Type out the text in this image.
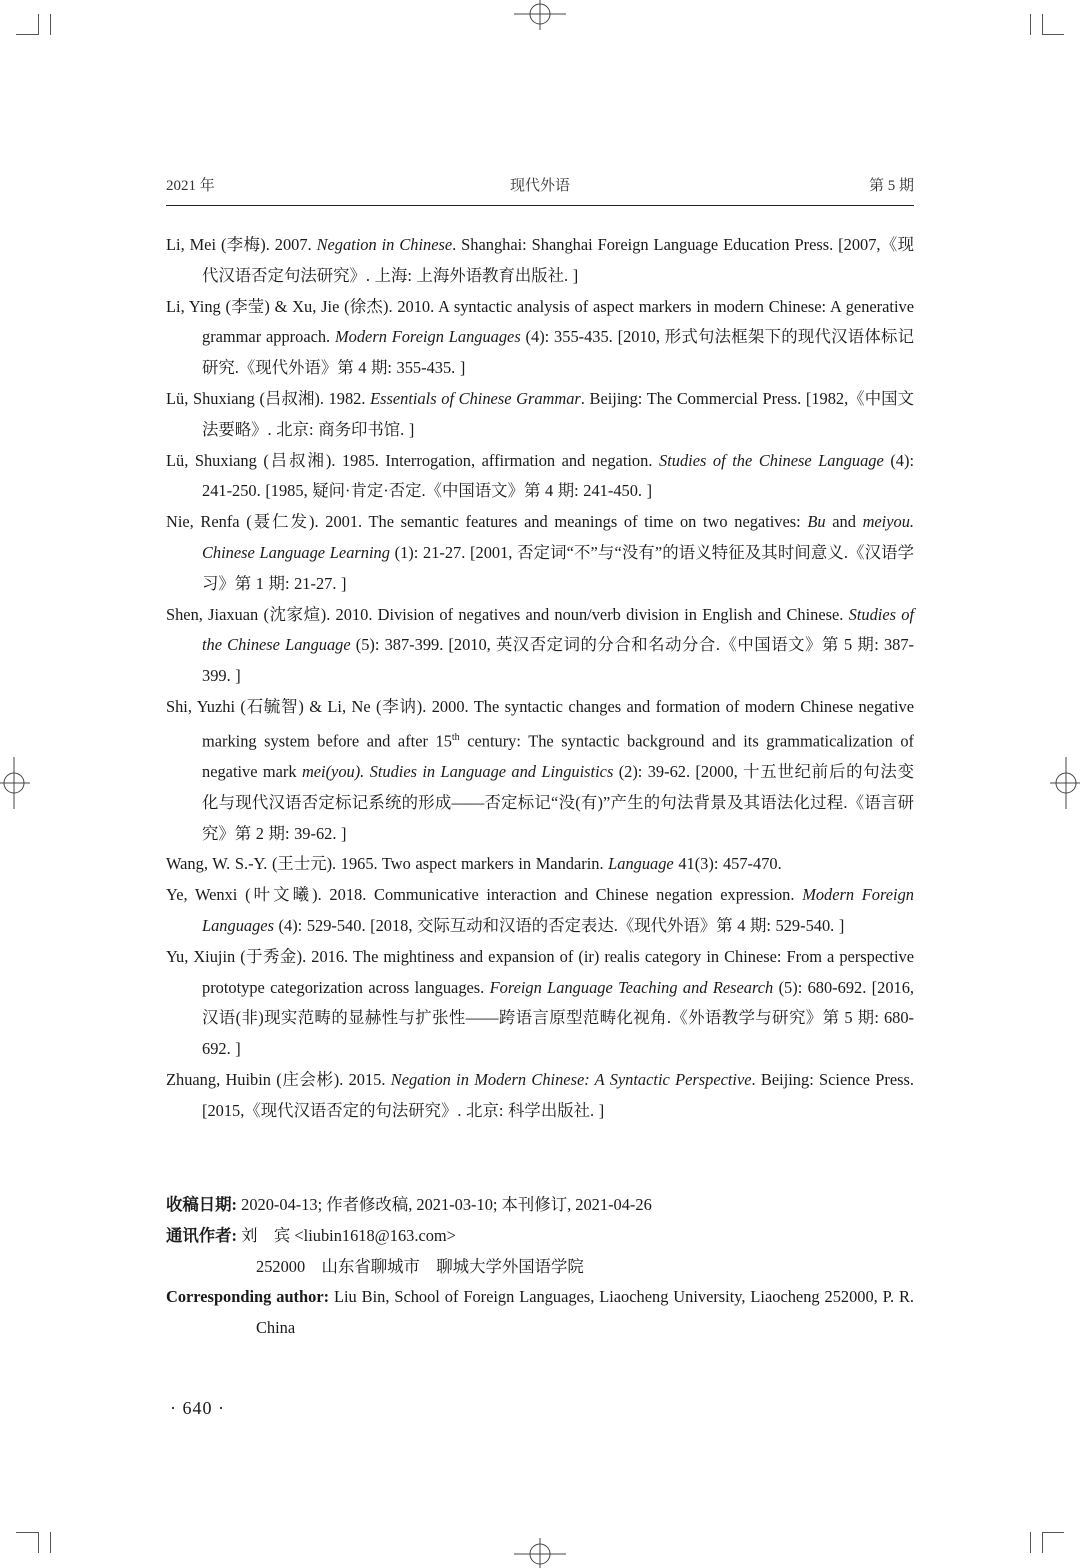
2021 年	现代外语	第 5 期
Li, Mei (李梅). 2007. Negation in Chinese. Shanghai: Shanghai Foreign Language Education Press. [2007,《现代汉语否定句法研究》. 上海: 上海外语教育出版社. ]
Li, Ying (李莹) & Xu, Jie (徐杰). 2010. A syntactic analysis of aspect markers in modern Chinese: A generative grammar approach. Modern Foreign Languages (4): 355-435. [2010, 形式句法框架下的现代汉语体标记研究.《现代外语》第 4 期: 355-435. ]
Lü, Shuxiang (吕叔湘). 1982. Essentials of Chinese Grammar. Beijing: The Commercial Press. [1982,《中国文法要略》. 北京: 商务印书馆. ]
Lü, Shuxiang (吕叔湘). 1985. Interrogation, affirmation and negation. Studies of the Chinese Language (4): 241-250. [1985, 疑问·肯定·否定.《中国语文》第 4 期: 241-450. ]
Nie, Renfa (聂仁发). 2001. The semantic features and meanings of time on two negatives: Bu and meiyou. Chinese Language Learning (1): 21-27. [2001, 否定词“不”与“没有”的语义特征及其时间意义.《汉语学习》第 1 期: 21-27. ]
Shen, Jiaxuan (沈家煊). 2010. Division of negatives and noun/verb division in English and Chinese. Studies of the Chinese Language (5): 387-399. [2010, 英汉否定词的分合和名动分合.《中国语文》第 5 期: 387-399. ]
Shi, Yuzhi (石毓智) & Li, Ne (李讷). 2000. The syntactic changes and formation of modern Chinese negative marking system before and after 15th century: The syntactic background and its grammaticalization of negative mark mei(you). Studies in Language and Linguistics (2): 39-62. [2000, 十五世纪前后的句法变化与现代汉语否定标记系统的形成——否定标记“没(有)”产生的句法背景及其语法化过程.《语言研究》第 2 期: 39-62. ]
Wang, W. S.-Y. (王士元). 1965. Two aspect markers in Mandarin. Language 41(3): 457-470.
Ye, Wenxi (叶文曦). 2018. Communicative interaction and Chinese negation expression. Modern Foreign Languages (4): 529-540. [2018, 交际互动和汉语的否定表达.《现代外语》第 4 期: 529-540. ]
Yu, Xiujin (于秀金). 2016. The mightiness and expansion of (ir) realis category in Chinese: From a perspective prototype categorization across languages. Foreign Language Teaching and Research (5): 680-692. [2016, 汉语(非)现实范畴的显赫性与扩张性——跨语言原型范畴化视角.《外语教学与研究》第 5 期: 680-692. ]
Zhuang, Huibin (庄会彬). 2015. Negation in Modern Chinese: A Syntactic Perspective. Beijing: Science Press. [2015,《现代汉语否定的句法研究》. 北京: 科学出版社. ]
收稿日期: 2020-04-13; 作者修改稿, 2021-03-10; 本刊修订, 2021-04-26
通讯作者: 刘　宾 <liubin1618@163.com>
252000　山东省聊城市　聊城大学外国语学院
Corresponding author: Liu Bin, School of Foreign Languages, Liaocheng University, Liaocheng 252000, P. R. China
· 640 ·
